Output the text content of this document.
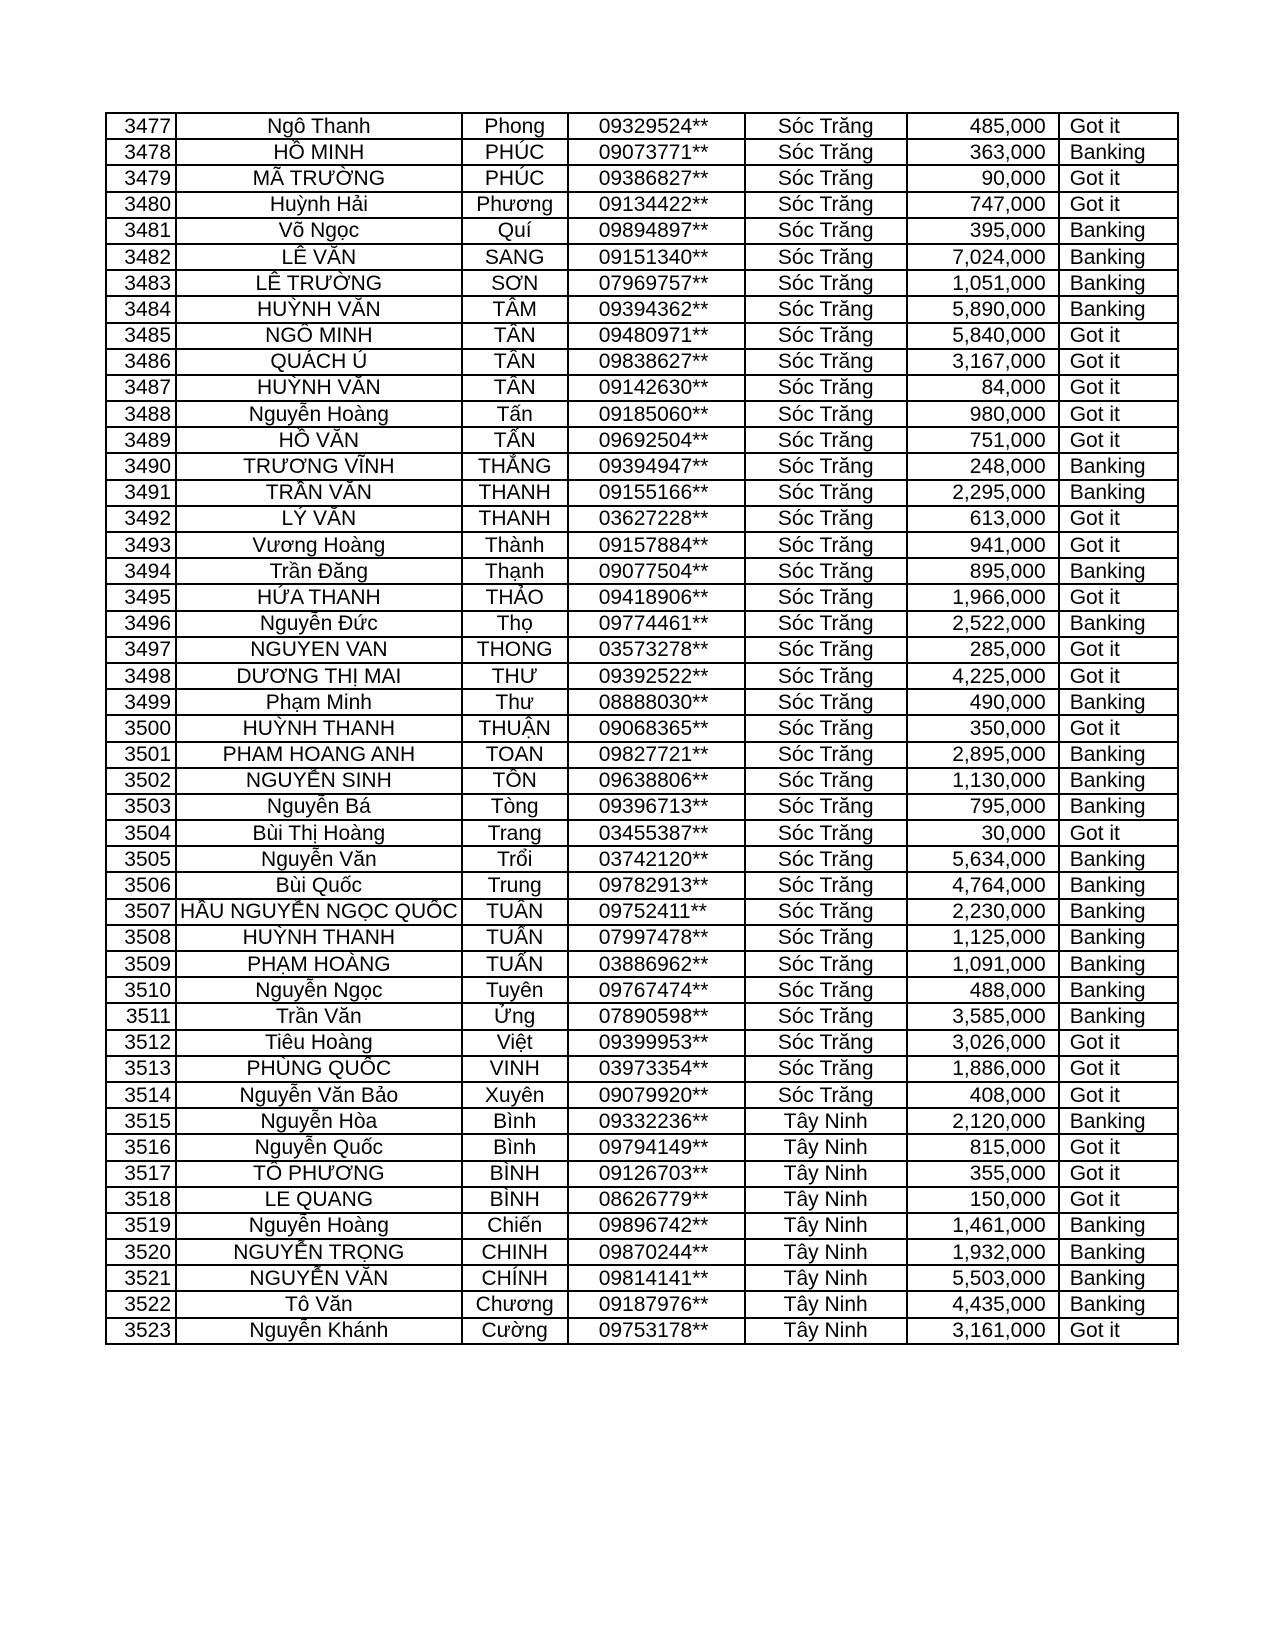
3477	Ngô Thanh	Phong	09329524**	Sóc Trăng	485,000	Got it
3478	HỒ MINH	PHÚC	09073771**	Sóc Trăng	363,000	Banking
3479	MÃ TRƯỜNG	PHÚC	09386827**	Sóc Trăng	90,000	Got it
3480	Huỳnh Hải	Phương	09134422**	Sóc Trăng	747,000	Got it
3481	Võ Ngọc	Quí	09894897**	Sóc Trăng	395,000	Banking
3482	LÊ VĂN	SANG	09151340**	Sóc Trăng	7,024,000	Banking
3483	LÊ TRƯỜNG	SƠN	07969757**	Sóc Trăng	1,051,000	Banking
3484	HUỲNH VĂN	TÂM	09394362**	Sóc Trăng	5,890,000	Banking
3485	NGÔ MINH	TÂN	09480971**	Sóc Trăng	5,840,000	Got it
3486	QUÁCH Ủ	TÂN	09838627**	Sóc Trăng	3,167,000	Got it
3487	HUỲNH VĂN	TÂN	09142630**	Sóc Trăng	84,000	Got it
3488	Nguyễn Hoàng	Tấn	09185060**	Sóc Trăng	980,000	Got it
3489	HỒ VĂN	TẤN	09692504**	Sóc Trăng	751,000	Got it
3490	TRƯƠNG VĨNH	THẮNG	09394947**	Sóc Trăng	248,000	Banking
3491	TRẦN VĂN	THANH	09155166**	Sóc Trăng	2,295,000	Banking
3492	LÝ VĂN	THANH	03627228**	Sóc Trăng	613,000	Got it
3493	Vương Hoàng	Thành	09157884**	Sóc Trăng	941,000	Got it
3494	Trần Đăng	Thạnh	09077504**	Sóc Trăng	895,000	Banking
3495	HỨA THANH	THẢO	09418906**	Sóc Trăng	1,966,000	Got it
3496	Nguyễn Đức	Thọ	09774461**	Sóc Trăng	2,522,000	Banking
3497	NGUYEN VAN	THONG	03573278**	Sóc Trăng	285,000	Got it
3498	DƯƠNG THỊ MAI	THƯ	09392522**	Sóc Trăng	4,225,000	Got it
3499	Phạm Minh	Thư	08888030**	Sóc Trăng	490,000	Banking
3500	HUỲNH THANH	THUẬN	09068365**	Sóc Trăng	350,000	Got it
3501	PHAM HOANG ANH	TOAN	09827721**	Sóc Trăng	2,895,000	Banking
3502	NGUYỄN SINH	TỒN	09638806**	Sóc Trăng	1,130,000	Banking
3503	Nguyễn Bá	Tòng	09396713**	Sóc Trăng	795,000	Banking
3504	Bùi Thị Hoàng	Trang	03455387**	Sóc Trăng	30,000	Got it
3505	Nguyễn Văn	Trổi	03742120**	Sóc Trăng	5,634,000	Banking
3506	Bùi Quốc	Trung	09782913**	Sóc Trăng	4,764,000	Banking
3507	HẦU NGUYỄN NGỌC QUỐC	TUÂN	09752411**	Sóc Trăng	2,230,000	Banking
3508	HUỲNH THANH	TUẤN	07997478**	Sóc Trăng	1,125,000	Banking
3509	PHẠM HOÀNG	TUẤN	03886962**	Sóc Trăng	1,091,000	Banking
3510	Nguyễn Ngọc	Tuyên	09767474**	Sóc Trăng	488,000	Banking
3511	Trần Văn	Ửng	07890598**	Sóc Trăng	3,585,000	Banking
3512	Tiêu Hoàng	Việt	09399953**	Sóc Trăng	3,026,000	Got it
3513	PHÙNG QUỐC	VINH	03973354**	Sóc Trăng	1,886,000	Got it
3514	Nguyễn Văn Bảo	Xuyên	09079920**	Sóc Trăng	408,000	Got it
3515	Nguyễn Hòa	Bình	09332236**	Tây Ninh	2,120,000	Banking
3516	Nguyễn Quốc	Bình	09794149**	Tây Ninh	815,000	Got it
3517	TÔ PHƯƠNG	BÌNH	09126703**	Tây Ninh	355,000	Got it
3518	LE QUANG	BÌNH	08626779**	Tây Ninh	150,000	Got it
3519	Nguyễn Hoàng	Chiến	09896742**	Tây Ninh	1,461,000	Banking
3520	NGUYỄN TRỌNG	CHINH	09870244**	Tây Ninh	1,932,000	Banking
3521	NGUYỄN VĂN	CHÍNH	09814141**	Tây Ninh	5,503,000	Banking
3522	Tô Văn	Chương	09187976**	Tây Ninh	4,435,000	Banking
3523	Nguyễn Khánh	Cường	09753178**	Tây Ninh	3,161,000	Got it
